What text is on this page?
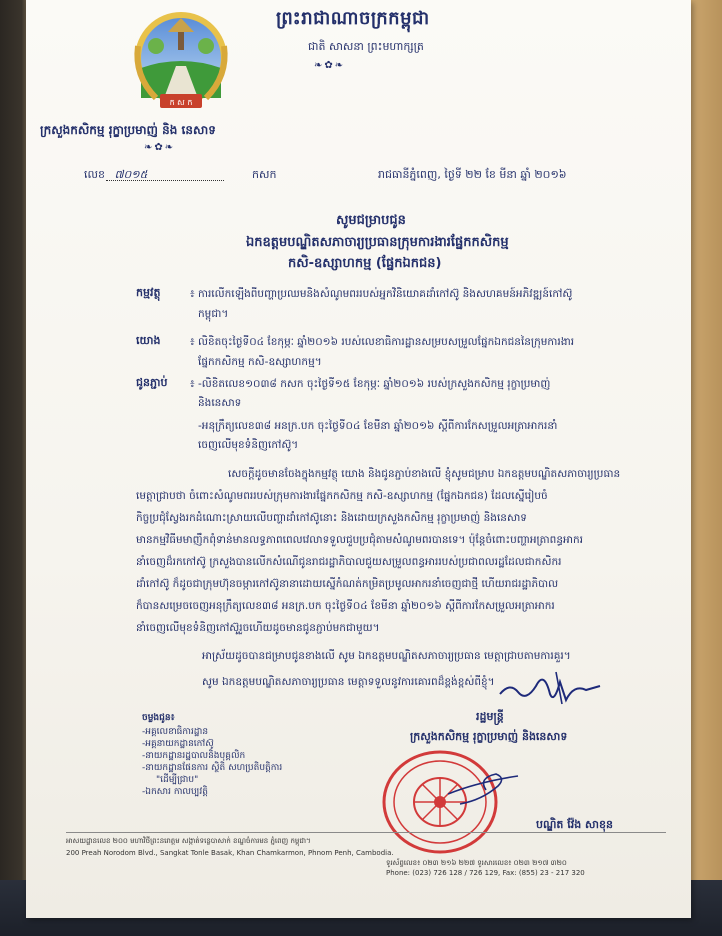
ក ស ក
ព្រះរាជាណាចក្រកម្ពុជា
ជាតិ សាសនា ព្រះមហាក្សត្រ
❧✿❧
ក្រសួងកសិកម្ម រុក្ខាប្រមាញ់ និង នេសាទ
❧✿❧
លេខ ៧០១៥	កសក	រាជធានីភ្នំពេញ, ថ្ងៃទី ២២ ខែ មីនា ឆ្នាំ ២០១៦
សូមជម្រាបជូន
ឯកឧត្តមបណ្ឌិតសភាចារ្យប្រធានក្រុមការងារផ្នែកកសិកម្ម
កសិ-ឧស្សាហកម្ម (ផ្នែកឯកជន)
កម្មវត្ថុ	៖ ការលើកឡើងពីបញ្ហាប្រឈមនិងសំណូមពររបស់អ្នកវិនិយោគដាំកៅស៊ូ និងសហគមន៍អភិវឌ្ឍន៍កៅស៊ូ
កម្ពុជា។
យោង	៖ លិខិតចុះថ្ងៃទី០៤ ខែកុម្ភៈ ឆ្នាំ២០១៦ របស់លេខាធិការដ្ឋានសម្របសម្រួលផ្នែកឯកជននៃក្រុមការងារ
ផ្នែកកសិកម្ម កសិ-ឧស្សាហកម្ម។
ជូនភ្ជាប់	៖ -លិខិតលេខ១០៣៨ កសក ចុះថ្ងៃទី១៥ ខែកុម្ភៈ ឆ្នាំ២០១៦ របស់ក្រសួងកសិកម្ម រុក្ខាប្រមាញ់
និងនេសាទ
-អនុក្រឹត្យលេខ៣៨ អនក្រ.បក ចុះថ្ងៃទី០៤ ខែមីនា ឆ្នាំ២០១៦ ស្តីពីការកែសម្រួលអត្រាអាករនាំ
ចេញលើមុខទំនិញកៅស៊ូ។
សេចក្តីដូចមានចែងក្នុងកម្មវត្ថុ យោង និងជូនភ្ជាប់ខាងលើ ខ្ញុំសូមជម្រាប ឯកឧត្តមបណ្ឌិតសភាចារ្យប្រធាន
មេត្តាជ្រាបថា ចំពោះសំណូមពររបស់ក្រុមការងារផ្នែកកសិកម្ម កសិ-ឧស្សាហកម្ម (ផ្នែកឯកជន) ដែលស្នើរៀបចំ
កិច្ចប្រជុំស្វែងរកដំណោះស្រាយលើបញ្ហាដាំកៅស៊ូនោះ និងដោយក្រសួងកសិកម្ម រុក្ខាប្រមាញ់ និងនេសាទ
មានកម្មវិធីមមាញឹកពុំទាន់មានលទ្ធភាពពេលវេលាទទួលជួបប្រជុំតាមសំណូមពរបានទេ។ ប៉ុន្តែចំពោះបញ្ហាអត្រាពន្ធអាករ
នាំចេញដ៏រកកៅស៊ូ ក្រសួងបានលើកសំណើជូនរាជរដ្ឋាភិបាលជួយសម្រួលពន្ធអាររបស់ប្រជាពលរដ្ឋដែលជាកសិករ
ដាំកៅស៊ូ ក៏ដូចជាក្រុមហ៊ុនចម្ការកៅស៊ូនានាដោយស្នើកំណត់កម្រិតប្រមូលអាករនាំចេញជាថ្មី ហើយរាជរដ្ឋាភិបាល
ក៏បានសម្រេចចេញអនុក្រឹត្យលេខ៣៨ អនក្រ.បក ចុះថ្ងៃទី០៤ ខែមីនា ឆ្នាំ២០១៦ ស្តីពីការកែសម្រួលអត្រាអាករ
នាំចេញលើមុខទំនិញកៅស៊ូរួចហើយដូចមានជូនភ្ជាប់មកជាមួយ។
អាស្រ័យដូចបានជម្រាបជូនខាងលើ សូម ឯកឧត្តមបណ្ឌិតសភាចារ្យប្រធាន មេត្តាជ្រាបតាមការគួរ។
សូម ឯកឧត្តមបណ្ឌិតសភាចារ្យប្រធាន មេត្តាទទួលនូវការគោរពដ៏ខ្ពង់ខ្ពស់ពីខ្ញុំ។
រដ្ឋមន្ត្រី
ក្រសួងកសិកម្ម រុក្ខាប្រមាញ់ និងនេសាទ
បណ្ឌិត វ៉ែង សាខុន
ចម្លងជូន៖
-អគ្គលេខាធិការដ្ឋាន
-អគ្គនាយកដ្ឋានកៅស៊ូ
-នាយកដ្ឋានរដ្ឋបាលនិងបុគ្គលិក
-នាយកដ្ឋានផែនការ ស្ថិតិ សហប្រតិបត្តិការ
"ដើម្បីជ្រាប"
-ឯកសារ កាលប្បវត្តិ
អាសយដ្ឋានលេខ ២០០ មហាវិថីព្រះនរោត្តម សង្កាត់ទន្លេបាសាក់ ខណ្ឌចំការមន ភ្នំពេញ កម្ពុជា។
200 Preah Norodom Blvd., Sangkat Tonle Basak, Khan Chamkarmon, Phnom Penh, Cambodia.
ទូរស័ព្ទលេខ៖ ០២៣ ២១៦ ២២៧ ទូរសារលេខ៖ ០២៣ ២១៧ ៣២០
Phone: (023) 726 128 / 726 129, Fax: (855) 23 - 217 320
